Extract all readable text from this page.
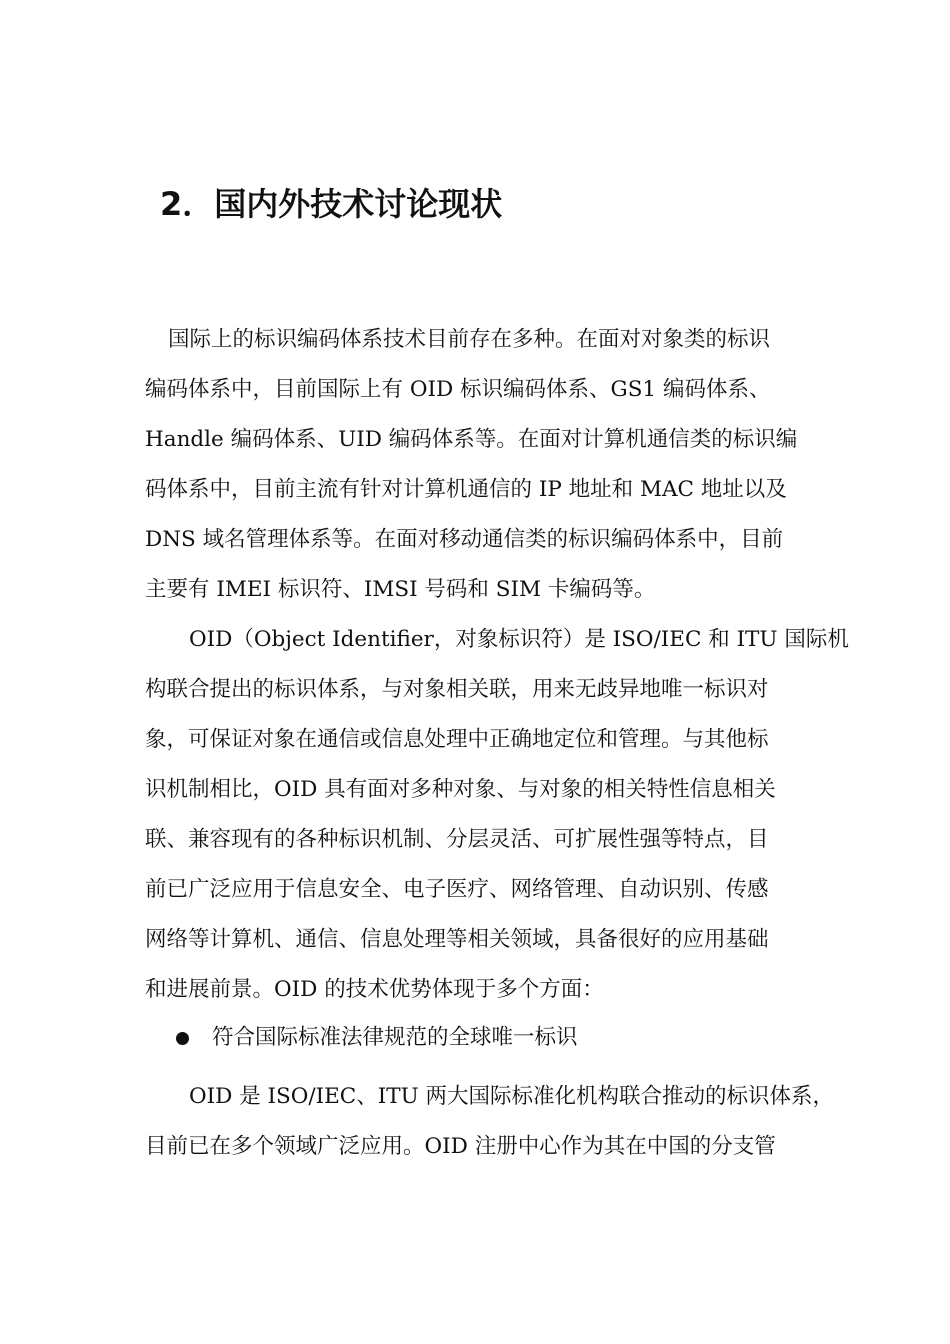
2．国内外技术讨论现状
国际上的标识编码体系技术目前存在多种。在面对对象类的标识
编码体系中，目前国际上有 OID 标识编码体系、GS1 编码体系、
Handle 编码体系、UID 编码体系等。在面对计算机通信类的标识编
码体系中，目前主流有针对计算机通信的 IP 地址和 MAC 地址以及
DNS 域名管理体系等。在面对移动通信类的标识编码体系中，目前
主要有 IMEI 标识符、IMSI 号码和 SIM 卡编码等。
OID（Object Identifier，对象标识符）是 ISO/IEC 和 ITU 国际机
构联合提出的标识体系，与对象相关联，用来无歧异地唯一标识对
象，可保证对象在通信或信息处理中正确地定位和管理。与其他标
识机制相比，OID 具有面对多种对象、与对象的相关特性信息相关
联、兼容现有的各种标识机制、分层灵活、可扩展性强等特点，目
前已广泛应用于信息安全、电子医疗、网络管理、自动识别、传感
网络等计算机、通信、信息处理等相关领域，具备很好的应用基础
和进展前景。OID 的技术优势体现于多个方面：
符合国际标准法律规范的全球唯一标识
OID 是 ISO/IEC、ITU 两大国际标准化机构联合推动的标识体系，
目前已在多个领域广泛应用。OID 注册中心作为其在中国的分支管
